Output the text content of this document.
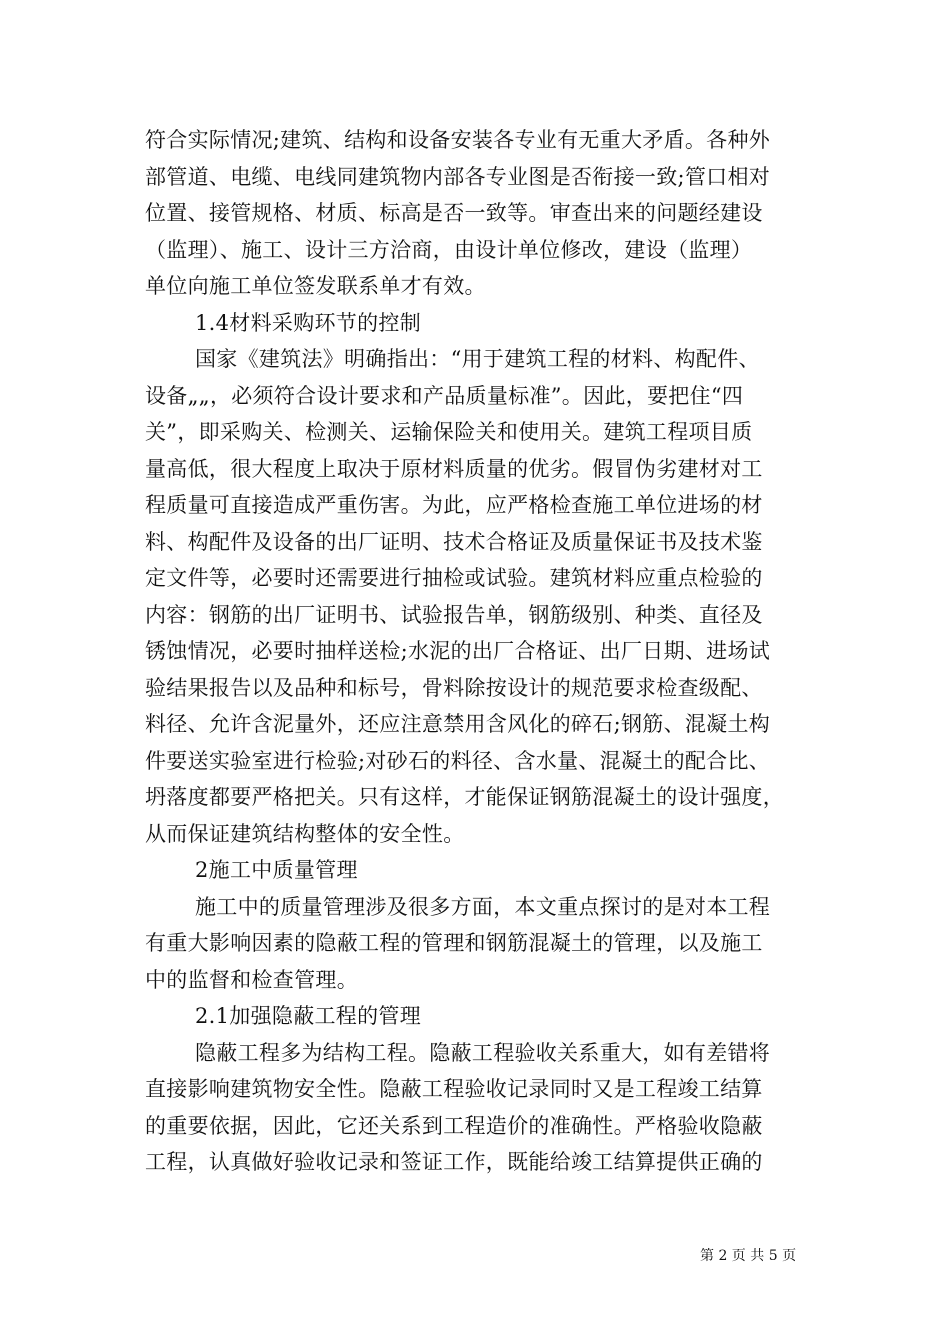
符合实际情况;建筑、结构和设备安装各专业有无重大矛盾。各种外
部管道、电缆、电线同建筑物内部各专业图是否衔接一致;管口相对
位置、接管规格、材质、标高是否一致等。审查出来的问题经建设
（监理）、施工、设计三方洽商，由设计单位修改，建设（监理）
单位向施工单位签发联系单才有效。
1.4材料采购环节的控制
国家《建筑法》明确指出：“用于建筑工程的材料、构配件、
设备„„，必须符合设计要求和产品质量标准”。因此，要把住“四
关”，即采购关、检测关、运输保险关和使用关。建筑工程项目质
量高低，很大程度上取决于原材料质量的优劣。假冒伪劣建材对工
程质量可直接造成严重伤害。为此，应严格检查施工单位进场的材
料、构配件及设备的出厂证明、技术合格证及质量保证书及技术鉴
定文件等，必要时还需要进行抽检或试验。建筑材料应重点检验的
内容：钢筋的出厂证明书、试验报告单，钢筋级别、种类、直径及
锈蚀情况，必要时抽样送检;水泥的出厂合格证、出厂日期、进场试
验结果报告以及品种和标号，骨料除按设计的规范要求检查级配、
料径、允许含泥量外，还应注意禁用含风化的碎石;钢筋、混凝土构
件要送实验室进行检验;对砂石的料径、含水量、混凝土的配合比、
坍落度都要严格把关。只有这样，才能保证钢筋混凝土的设计强度，
从而保证建筑结构整体的安全性。
2施工中质量管理
施工中的质量管理涉及很多方面，本文重点探讨的是对本工程
有重大影响因素的隐蔽工程的管理和钢筋混凝土的管理，以及施工
中的监督和检查管理。
2.1加强隐蔽工程的管理
隐蔽工程多为结构工程。隐蔽工程验收关系重大，如有差错将
直接影响建筑物安全性。隐蔽工程验收记录同时又是工程竣工结算
的重要依据，因此，它还关系到工程造价的准确性。严格验收隐蔽
工程，认真做好验收记录和签证工作，既能给竣工结算提供正确的
第 2 页 共 5 页
